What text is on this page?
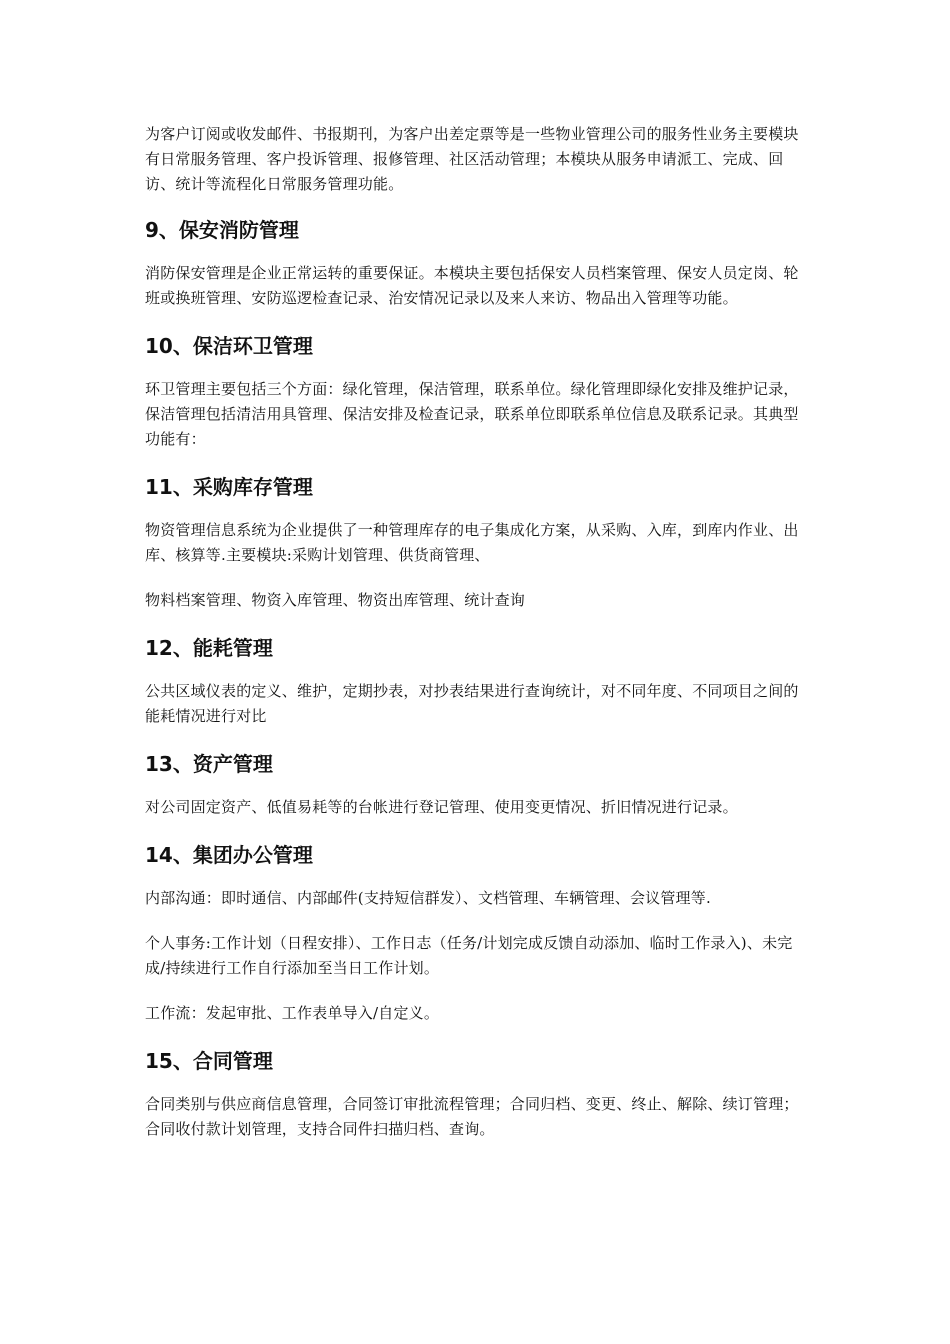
为客户订阅或收发邮件、书报期刊，为客户出差定票等是一些物业管理公司的服务性业务主要模块有日常服务管理、客户投诉管理、报修管理、社区活动管理；本模块从服务申请派工、完成、回访、统计等流程化日常服务管理功能。

9、保安消防管理

消防保安管理是企业正常运转的重要保证。本模块主要包括保安人员档案管理、保安人员定岗、轮班或换班管理、安防巡逻检查记录、治安情况记录以及来人来访、物品出入管理等功能。

10、保洁环卫管理

环卫管理主要包括三个方面：绿化管理，保洁管理，联系单位。绿化管理即绿化安排及维护记录，保洁管理包括清洁用具管理、保洁安排及检查记录，联系单位即联系单位信息及联系记录。其典型功能有：

11、采购库存管理

物资管理信息系统为企业提供了一种管理库存的电子集成化方案，从采购、入库，到库内作业、出库、核算等.主要模块:采购计划管理、供货商管理、

物料档案管理、物资入库管理、物资出库管理、统计查询

12、能耗管理

公共区域仪表的定义、维护，定期抄表，对抄表结果进行查询统计，对不同年度、不同项目之间的能耗情况进行对比

13、资产管理

对公司固定资产、低值易耗等的台帐进行登记管理、使用变更情况、折旧情况进行记录。

14、集团办公管理

内部沟通：即时通信、内部邮件(支持短信群发）、文档管理、车辆管理、会议管理等.

个人事务:工作计划（日程安排）、工作日志（任务/计划完成反馈自动添加、临时工作录入)、未完成/持续进行工作自行添加至当日工作计划。

工作流：发起审批、工作表单导入/自定义。

15、合同管理

合同类别与供应商信息管理，合同签订审批流程管理；合同归档、变更、终止、解除、续订管理；合同收付款计划管理，支持合同件扫描归档、查询。
